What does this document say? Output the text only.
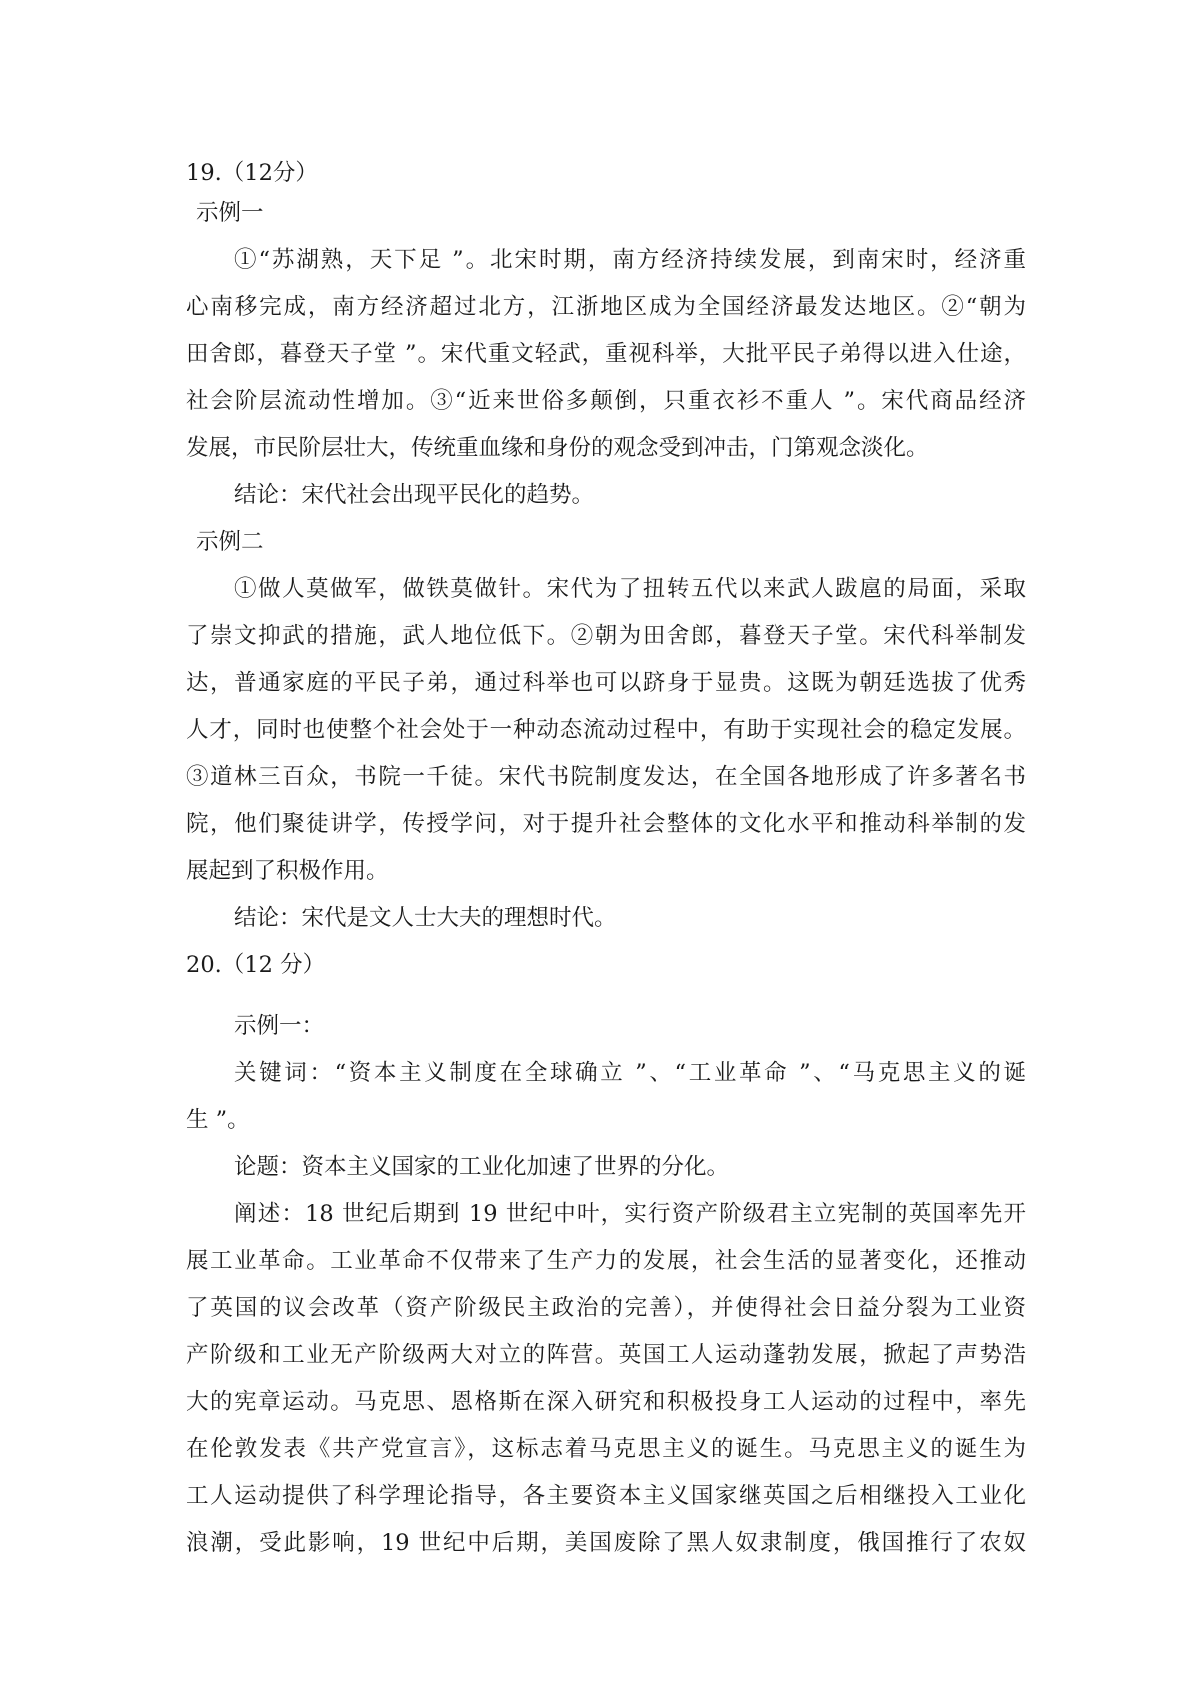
19.（12分）
示例一
①“苏湖熟，天下足 ”。北宋时期，南方经济持续发展，到南宋时，经济重
心南移完成，南方经济超过北方，江浙地区成为全国经济最发达地区。②“朝为
田舍郎，暮登天子堂 ”。宋代重文轻武，重视科举，大批平民子弟得以进入仕途，
社会阶层流动性增加。③“近来世俗多颠倒，只重衣衫不重人 ”。宋代商品经济
发展，市民阶层壮大，传统重血缘和身份的观念受到冲击，门第观念淡化。
结论：宋代社会出现平民化的趋势。
示例二
①做人莫做军，做铁莫做针。宋代为了扭转五代以来武人跋扈的局面，采取
了崇文抑武的措施，武人地位低下。②朝为田舍郎，暮登天子堂。宋代科举制发
达，普通家庭的平民子弟，通过科举也可以跻身于显贵。这既为朝廷选拔了优秀
人才，同时也使整个社会处于一种动态流动过程中，有助于实现社会的稳定发展。
③道林三百众，书院一千徒。宋代书院制度发达，在全国各地形成了许多著名书
院，他们聚徒讲学，传授学问，对于提升社会整体的文化水平和推动科举制的发
展起到了积极作用。
结论：宋代是文人士大夫的理想时代。
20.（12 分）
示例一：
关键词：“资本主义制度在全球确立 ”、“工业革命 ”、“马克思主义的诞
生 ”。
论题：资本主义国家的工业化加速了世界的分化。
阐述：18 世纪后期到 19 世纪中叶，实行资产阶级君主立宪制的英国率先开
展工业革命。工业革命不仅带来了生产力的发展，社会生活的显著变化，还推动
了英国的议会改革（资产阶级民主政治的完善），并使得社会日益分裂为工业资
产阶级和工业无产阶级两大对立的阵营。英国工人运动蓬勃发展，掀起了声势浩
大的宪章运动。马克思、恩格斯在深入研究和积极投身工人运动的过程中，率先
在伦敦发表《共产党宣言》，这标志着马克思主义的诞生。马克思主义的诞生为
工人运动提供了科学理论指导，各主要资本主义国家继英国之后相继投入工业化
浪潮，受此影响，19 世纪中后期，美国废除了黑人奴隶制度，俄国推行了农奴
